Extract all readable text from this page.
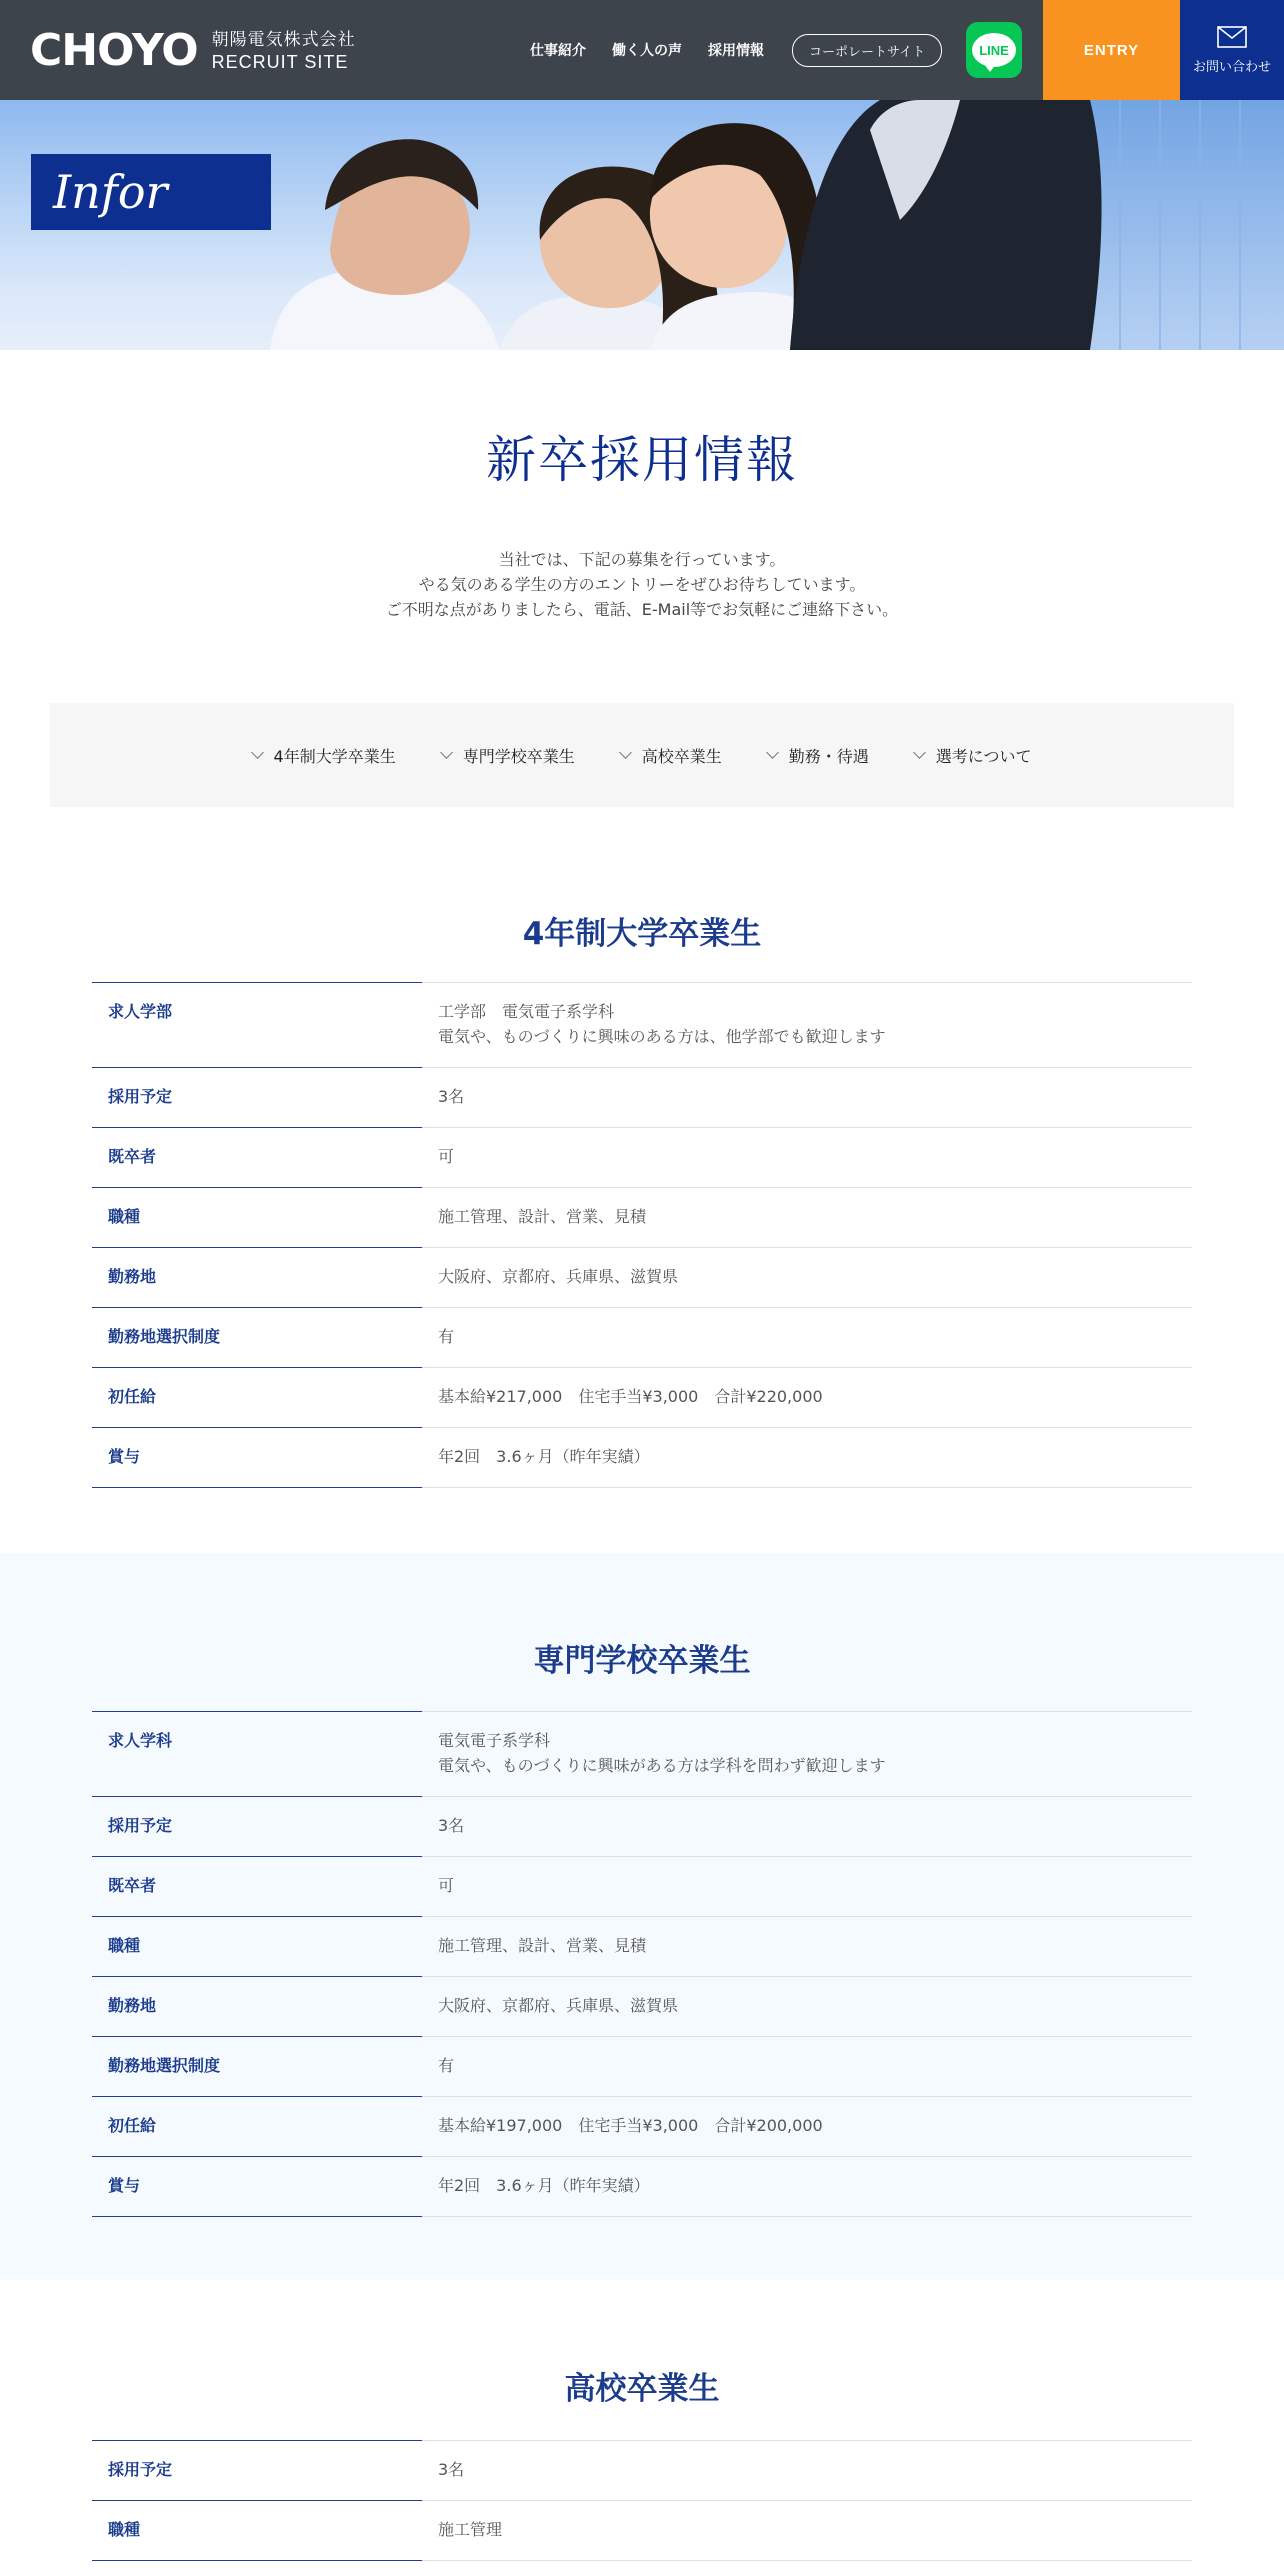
CHOYO 朝陽電気株式会社
RECRUIT SITE
仕事紹介 働く人の声 採用情報	コーポレートサイト	LINE	ENTRY
お問い合わせ
Infor
新卒採用情報

当社では、下記の募集を行っています。

やる気のある学生の方のエントリーをぜひお待ちしています。

ご不明な点がありましたら、電話、E-Mail等でお気軽にご連絡下さい。

4年制大学卒業生	専門学校卒業生	高校卒業生	勤務・待遇	選考について
4年制大学卒業生
求人学部	工学部　電気電子系学科
電気や、ものづくりに興味のある方は、他学部でも歓迎します

採用予定	3名
既卒者	可
職種	施工管理、設計、営業、見積
勤務地	大阪府、京都府、兵庫県、滋賀県
勤務地選択制度	有
初任給	基本給¥217,000　住宅手当¥3,000　合計¥220,000
賞与	年2回　3.6ヶ月（昨年実績）
専門学校卒業生
求人学科	電気電子系学科
電気や、ものづくりに興味がある方は学科を問わず歓迎します

採用予定	3名
既卒者	可
職種	施工管理、設計、営業、見積
勤務地	大阪府、京都府、兵庫県、滋賀県
勤務地選択制度	有
初任給	基本給¥197,000　住宅手当¥3,000　合計¥200,000
賞与	年2回　3.6ヶ月（昨年実績）
高校卒業生
採用予定	3名
職種	施工管理
